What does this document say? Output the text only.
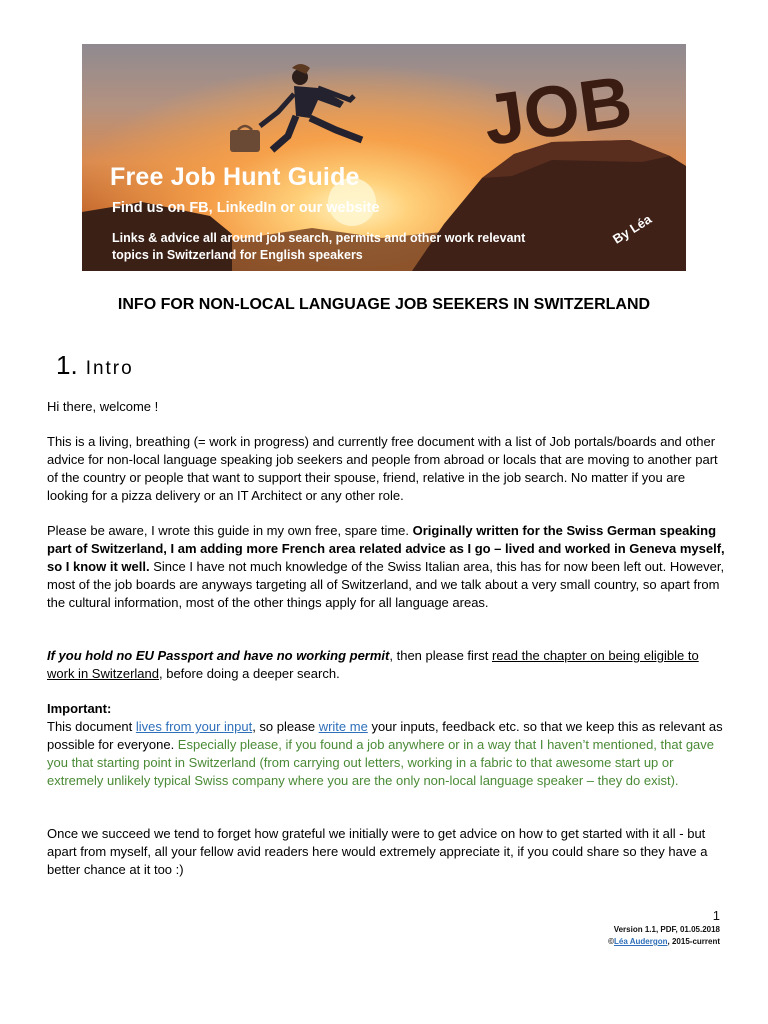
JOB

Free Job Hunt Guide

Find us on FB, LinkedIn or our website

Links & advice all around job search, permits and other work relevant topics in Switzerland for English speakers

By Léa

INFO FOR NON-LOCAL LANGUAGE JOB SEEKERS IN SWITZERLAND
1. Intro

Hi there, welcome !

This is a living, breathing (= work in progress) and currently free document with a list of Job portals/boards and other advice for non-local language speaking job seekers and people from abroad or locals that are moving to another part of the country or people that want to support their spouse, friend, relative in the job search. No matter if you are looking for a pizza delivery or an IT Architect or any other role.

Please be aware, I wrote this guide in my own free, spare time. Originally written for the Swiss German speaking part of Switzerland, I am adding more French area related advice as I go – lived and worked in Geneva myself, so I know it well. Since I have not much knowledge of the Swiss Italian area, this has for now been left out. However, most of the job boards are anyways targeting all of Switzerland, and we talk about a very small country, so apart from the cultural information, most of the other things apply for all language areas.

If you hold no EU Passport and have no working permit, then please first read the chapter on being eligible to work in Switzerland, before doing a deeper search.

Important:

This document lives from your input, so please write me your inputs, feedback etc. so that we keep this as relevant as possible for everyone. Especially please, if you found a job anywhere or in a way that I haven’t mentioned, that gave you that starting point in Switzerland (from carrying out letters, working in a fabric to that awesome start up or extremely unlikely typical Swiss company where you are the only non-local language speaker – they do exist).

Once we succeed we tend to forget how grateful we initially were to get advice on how to get started with it all - but apart from myself, all your fellow avid readers here would extremely appreciate it, if you could share so they have a better chance at it too :)

1

Version 1.1, PDF, 01.05.2018

©Léa Audergon, 2015-current
